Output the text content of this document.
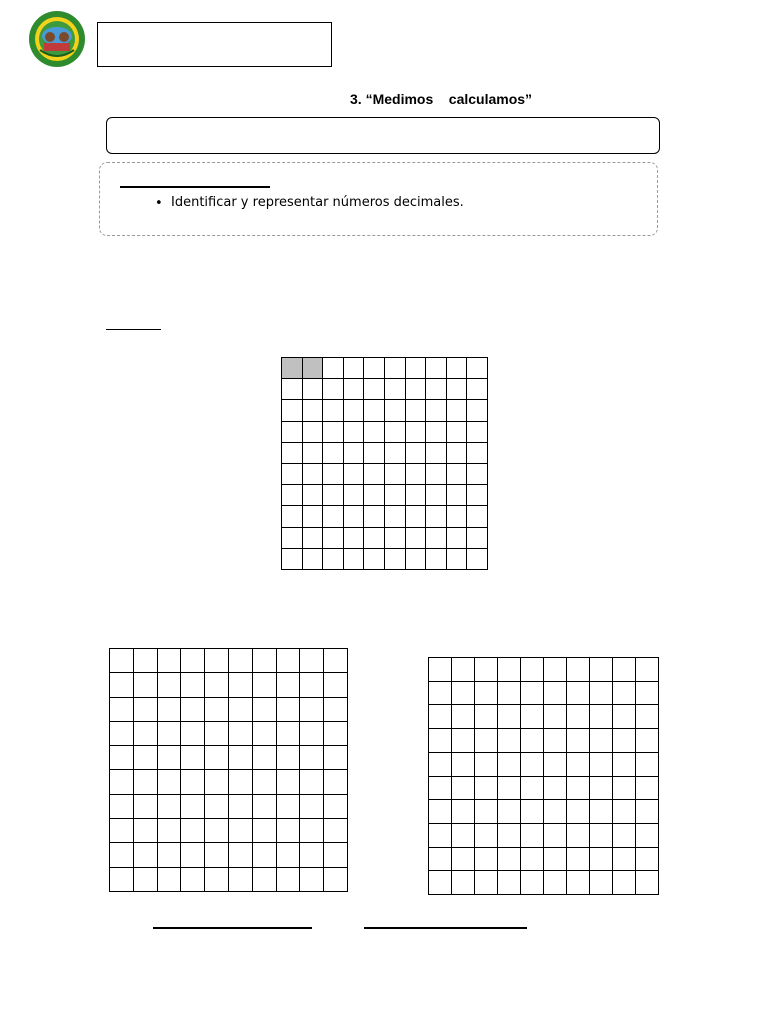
3. “Medimos    calculamos”
• Identificar y representar números decimales.
